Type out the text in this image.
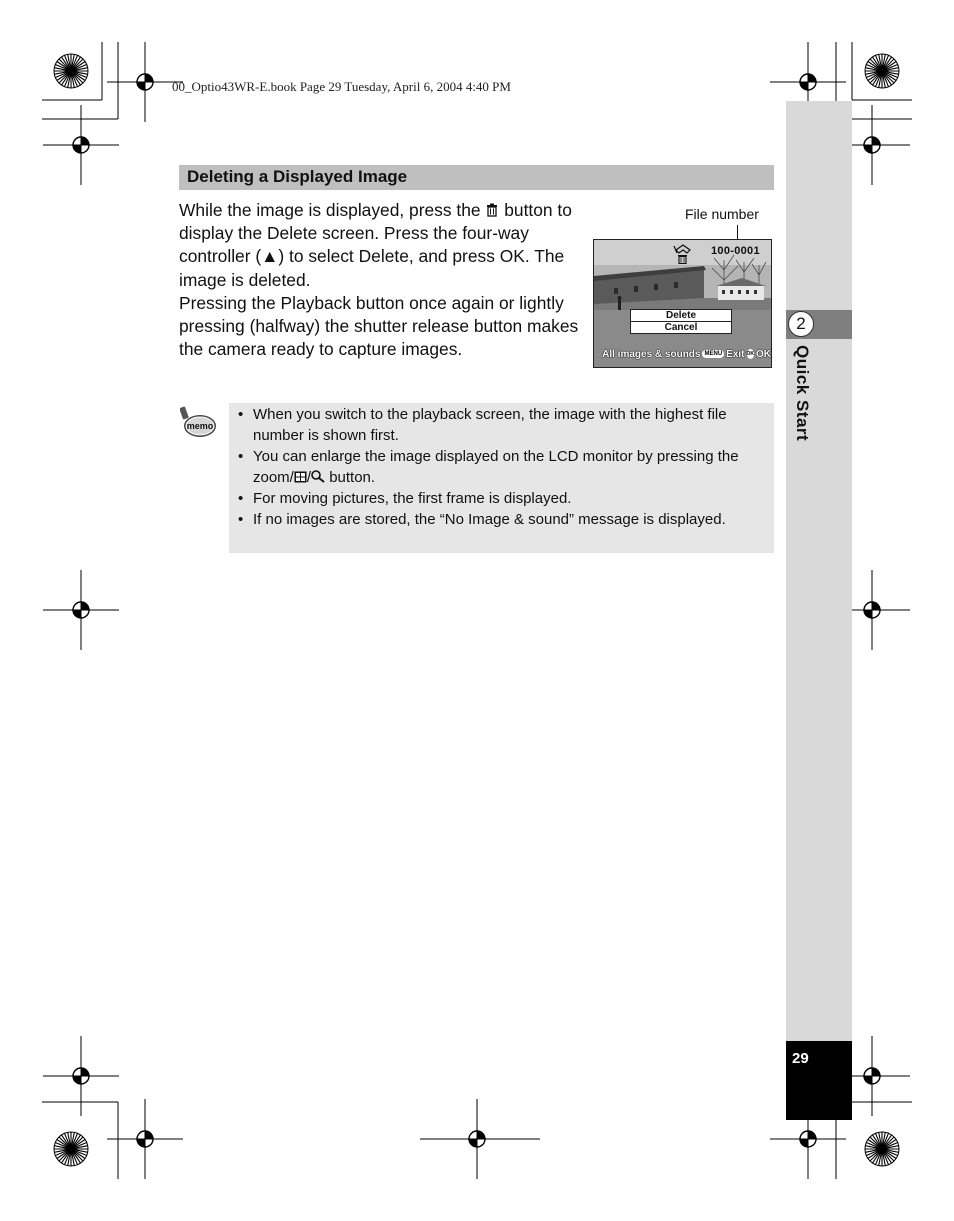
00_Optio43WR-E.book Page 29 Tuesday, April 6, 2004 4:40 PM
2
Quick Start
29
Deleting a Displayed Image

While the image is displayed, press the  button to display the Delete screen. Press the four-way controller (▲) to select Delete, and press OK. The image is deleted.

Pressing the Playback button once again or lightly pressing (halfway) the shutter release button makes the camera ready to capture images.

File number
100-0001
Delete
Cancel
All images & sounds MENU Exit OK OK
memo
• When you switch to the playback screen, the image with the highest file number is shown first.
• You can enlarge the image displayed on the LCD monitor by pressing the zoom/ / button.
• For moving pictures, the first frame is displayed.
• If no images are stored, the “No Image & sound” message is displayed.
